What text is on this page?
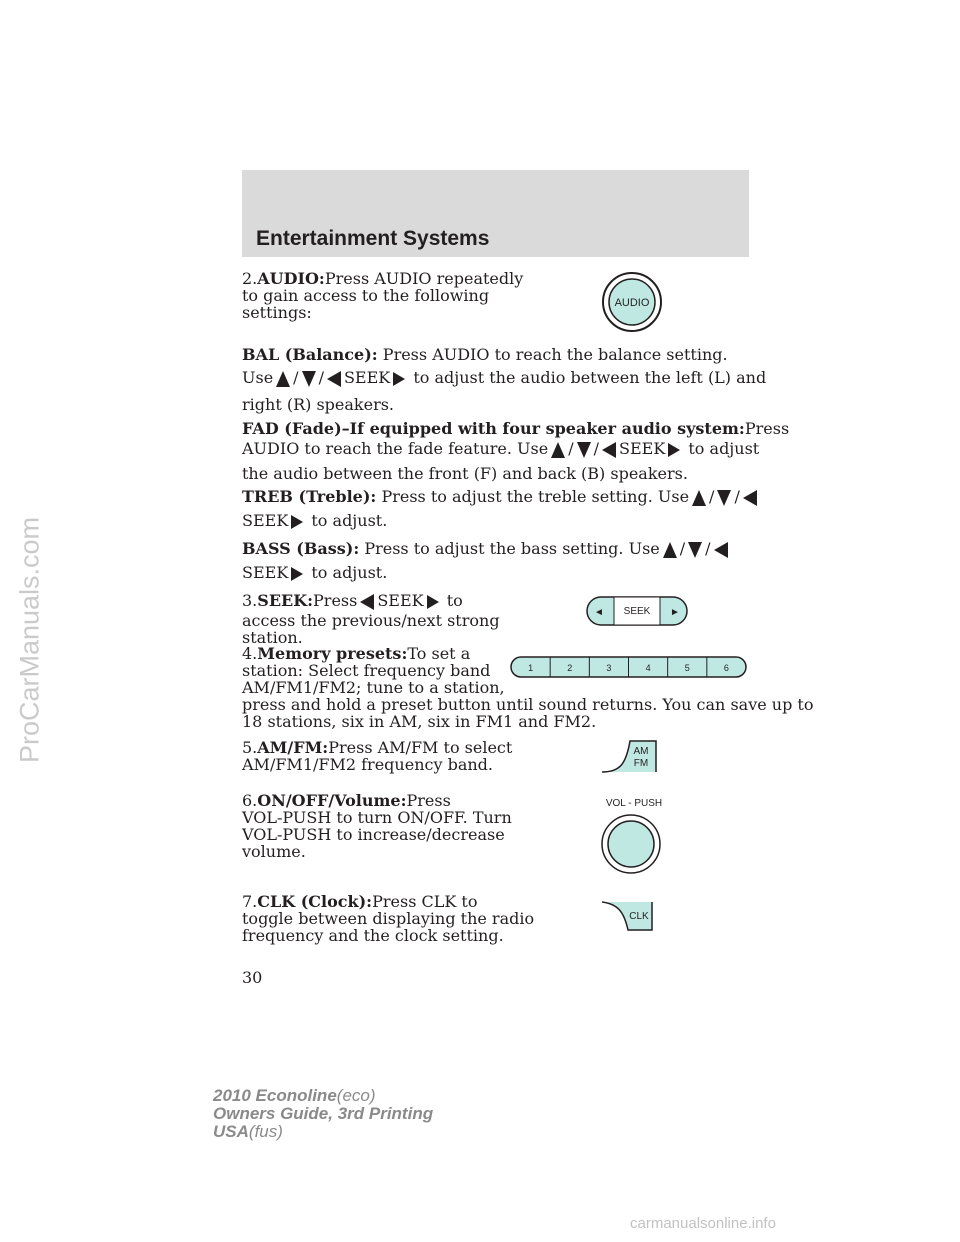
Entertainment Systems
2.AUDIO:Press AUDIO repeatedly
to gain access to the following
settings:	AUDIO
BAL (Balance): Press AUDIO to reach the balance setting.
Use / / SEEK to adjust the audio between the left (L) and
right (R) speakers.
FAD (Fade)–If equipped with four speaker audio system:Press
AUDIO to reach the fade feature. Use / / SEEK to adjust
the audio between the front (F) and back (B) speakers.
TREB (Treble): Press to adjust the treble setting. Use / /
SEEK to adjust.
BASS (Bass): Press to adjust the bass setting. Use / /
SEEK to adjust.
3.SEEK:Press SEEK to
access the previous/next strong
station.
◄ SEEK ►
4.Memory presets:To set a
station: Select frequency band
AM/FM1/FM2; tune to a station,
press and hold a preset button until sound returns. You can save up to
18 stations, six in AM, six in FM1 and FM2.
1	2	3	4	5	6
5.AM/FM:Press AM/FM to select
AM/FM1/FM2 frequency band.
AM
FM
6.ON/OFF/Volume:Press
VOL-PUSH to turn ON/OFF. Turn
VOL-PUSH to increase/decrease
volume.
VOL - PUSH
7.CLK (Clock):Press CLK to
toggle between displaying the radio
frequency and the clock setting.
CLK
30
2010 Econoline(eco)
Owners Guide, 3rd Printing
USA(fus)
ProCarManuals.com
carmanualsonline.info
